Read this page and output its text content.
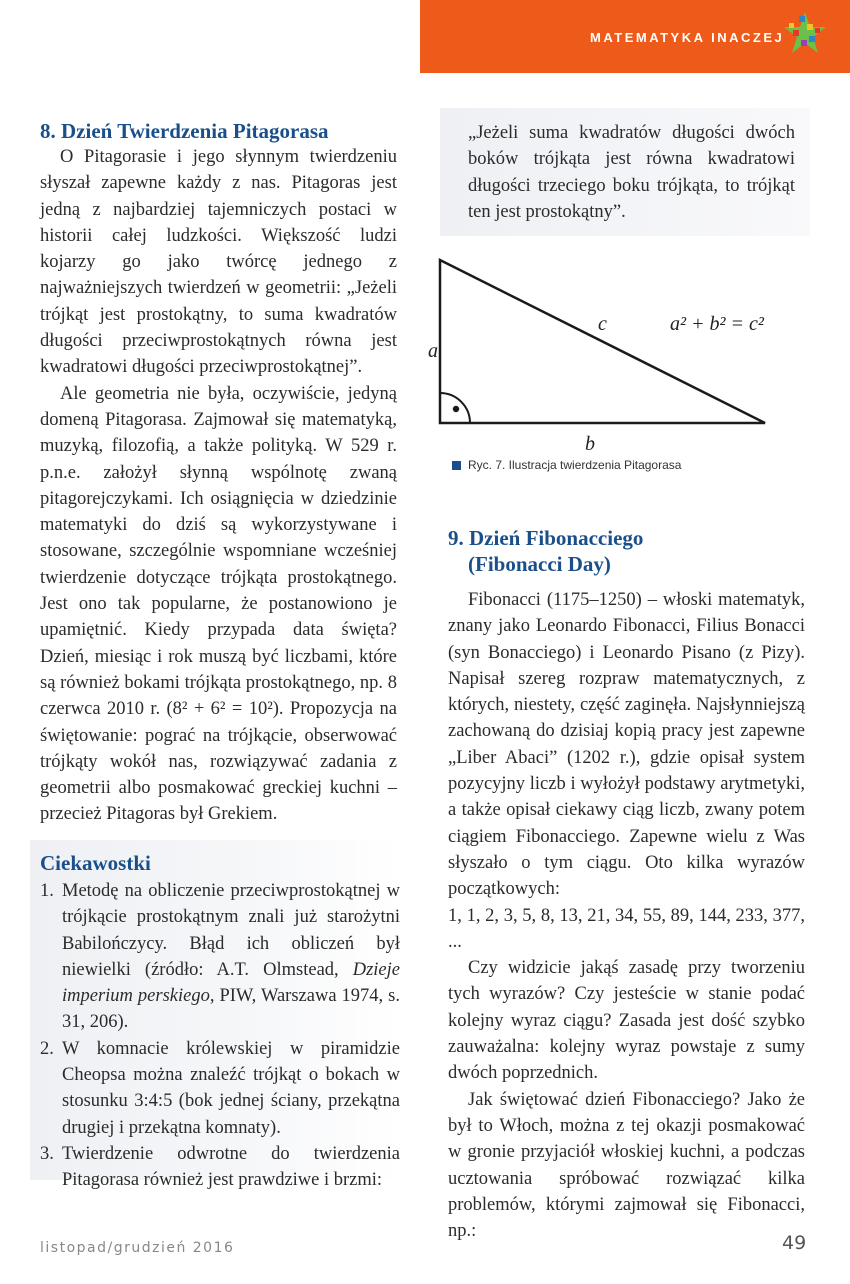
MATEMATYKA INACZEJ
8. Dzień Twierdzenia Pitagorasa

O Pitagorasie i jego słynnym twierdzeniu słyszał zapewne każdy z nas. Pitagoras jest jedną z najbardziej tajemniczych postaci w historii całej ludzkości. Większość ludzi kojarzy go jako twórcę jednego z najważniejszych twierdzeń w geometrii: „Jeżeli trójkąt jest prostokątny, to suma kwadratów długości przeciwprostokątnych równa jest kwadratowi długości przeciwprostokątnej”.

Ale geometria nie była, oczywiście, jedyną domeną Pitagorasa. Zajmował się matematyką, muzyką, filozofią, a także polityką. W 529 r. p.n.e. założył słynną wspólnotę zwaną pitagorejczykami. Ich osiągnięcia w dziedzinie matematyki do dziś są wykorzystywane i stosowane, szczególnie wspomniane wcześniej twierdzenie dotyczące trójkąta prostokątnego. Jest ono tak popularne, że postanowiono je upamiętnić. Kiedy przypada data święta? Dzień, miesiąc i rok muszą być liczbami, które są również bokami trójkąta prostokątnego, np. 8 czerwca 2010 r. (8² + 6² = 10²). Propozycja na świętowanie: pograć na trójkącie, obserwować trójkąty wokół nas, rozwiązywać zadania z geometrii albo posmakować greckiej kuchni – przecież Pitagoras był Grekiem.

Ciekawostki
1. Metodę na obliczenie przeciwprostokątnej w trójkącie prostokątnym znali już starożytni Babilończycy. Błąd ich obliczeń był niewielki (źródło: A.T. Olmstead, Dzieje imperium perskiego, PIW, Warszawa 1974, s. 31, 206).
2. W komnacie królewskiej w piramidzie Cheopsa można znaleźć trójkąt o bokach w stosunku 3:4:5 (bok jednej ściany, przekątna drugiej i przekątna komnaty).
3. Twierdzenie odwrotne do twierdzenia Pitagorasa również jest prawdziwe i brzmi:

„Jeżeli suma kwadratów długości dwóch boków trójkąta jest równa kwadratowi długości trzeciego boku trójkąta, to trójkąt ten jest prostokątny”.

a
b
c	a² + b² = c²
Ryc. 7. Ilustracja twierdzenia Pitagorasa
9. Dzień Fibonacciego
(Fibonacci Day)

Fibonacci (1175–1250) – włoski matematyk, znany jako Leonardo Fibonacci, Filius Bonacci (syn Bonacciego) i Leonardo Pisano (z Pizy). Napisał szereg rozpraw matematycznych, z których, niestety, część zaginęła. Najsłynniejszą zachowaną do dzisiaj kopią pracy jest zapewne „Liber Abaci” (1202 r.), gdzie opisał system pozycyjny liczb i wyłożył podstawy arytmetyki, a także opisał ciekawy ciąg liczb, zwany potem ciągiem Fibonacciego. Zapewne wielu z Was słyszało o tym ciągu. Oto kilka wyrazów początkowych:

1, 1, 2, 3, 5, 8, 13, 21, 34, 55, 89, 144, 233, 377, ...

Czy widzicie jakąś zasadę przy tworzeniu tych wyrazów? Czy jesteście w stanie podać kolejny wyraz ciągu? Zasada jest dość szybko zauważalna: kolejny wyraz powstaje z sumy dwóch poprzednich.

Jak świętować dzień Fibonacciego? Jako że był to Włoch, można z tej okazji posmakować w gronie przyjaciół włoskiej kuchni, a podczas ucztowania spróbować rozwiązać kilka problemów, którymi zajmował się Fibonacci, np.:

listopad/grudzień 2016	49
